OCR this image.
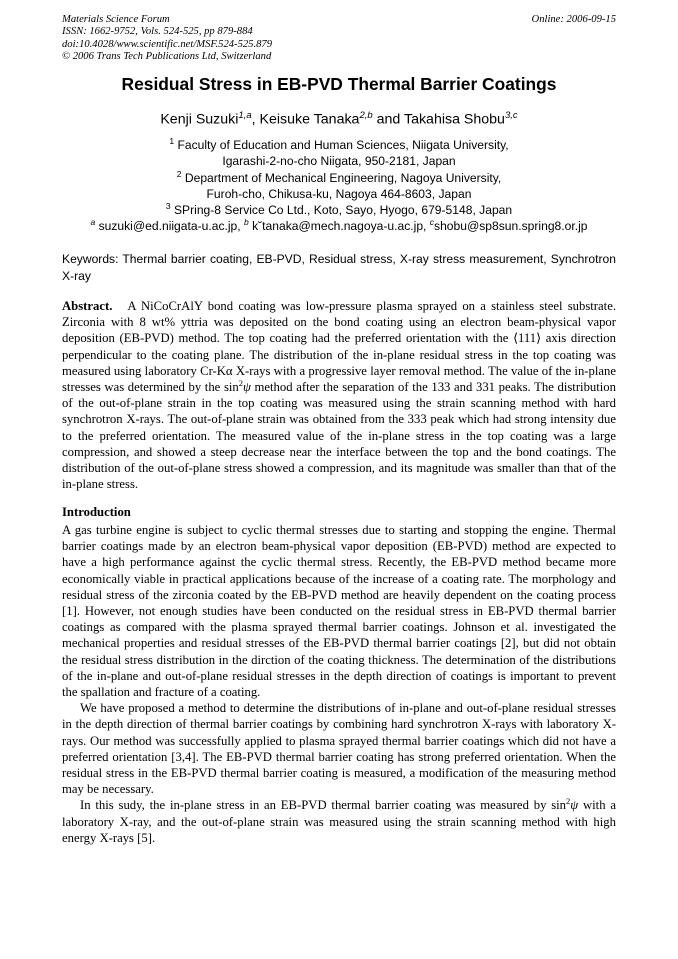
Materials Science Forum
ISSN: 1662-9752, Vols. 524-525, pp 879-884
doi:10.4028/www.scientific.net/MSF.524-525.879
© 2006 Trans Tech Publications Ltd, Switzerland
Online: 2006-09-15
Residual Stress in EB-PVD Thermal Barrier Coatings
Kenji Suzuki$^{1,a}$, Keisuke Tanaka$^{2,b}$ and Takahisa Shobu$^{3,c}$
$^1$ Faculty of Education and Human Sciences, Niigata University,
Igarashi-2-no-cho Niigata, 950-2181, Japan
$^2$ Department of Mechanical Engineering, Nagoya University,
Furoh-cho, Chikusa-ku, Nagoya 464-8603, Japan
$^3$ SPring-8 Service Co Ltd., Koto, Sayo, Hyogo, 679-5148, Japan
$^a$ suzuki@ed.niigata-u.ac.jp, $^b$ k˘tanaka@mech.nagoya-u.ac.jp, $^c$shobu@sp8sun.spring8.or.jp
Keywords: Thermal barrier coating, EB-PVD, Residual stress, X-ray stress measurement, Synchrotron X-ray
Abstract. A NiCoCrAlY bond coating was low-pressure plasma sprayed on a stainless steel substrate. Zirconia with 8 wt% yttria was deposited on the bond coating using an electron beam-physical vapor deposition (EB-PVD) method. The top coating had the preferred orientation with the ⟨111⟩ axis direction perpendicular to the coating plane. The distribution of the in-plane residual stress in the top coating was measured using laboratory Cr-Kα X-rays with a progressive layer removal method. The value of the in-plane stresses was determined by the $\sin^2\psi$ method after the separation of the 133 and 331 peaks. The distribution of the out-of-plane strain in the top coating was measured using the strain scanning method with hard synchrotron X-rays. The out-of-plane strain was obtained from the 333 peak which had strong intensity due to the preferred orientation. The measured value of the in-plane stress in the top coating was a large compression, and showed a steep decrease near the interface between the top and the bond coatings. The distribution of the out-of-plane stress showed a compression, and its magnitude was smaller than that of the in-plane stress.
Introduction

A gas turbine engine is subject to cyclic thermal stresses due to starting and stopping the engine. Thermal barrier coatings made by an electron beam-physical vapor deposition (EB-PVD) method are expected to have a high performance against the cyclic thermal stress. Recently, the EB-PVD method became more economically viable in practical applications because of the increase of a coating rate. The morphology and residual stress of the zirconia coated by the EB-PVD method are heavily dependent on the coating process [1]. However, not enough studies have been conducted on the residual stress in EB-PVD thermal barrier coatings as compared with the plasma sprayed thermal barrier coatings. Johnson et al. investigated the mechanical properties and residual stresses of the EB-PVD thermal barrier coatings [2], but did not obtain the residual stress distribution in the dirction of the coating thickness. The determination of the distributions of the in-plane and out-of-plane residual stresses in the depth direction of coatings is important to prevent the spallation and fracture of a coating.

We have proposed a method to determine the distributions of in-plane and out-of-plane residual stresses in the depth direction of thermal barrier coatings by combining hard synchrotron X-rays with laboratory X-rays. Our method was successfully applied to plasma sprayed thermal barrier coatings which did not have a preferred orientation [3,4]. The EB-PVD thermal barrier coating has strong preferred orientation. When the residual stress in the EB-PVD thermal barrier coating is measured, a modification of the measuring method may be necessary.

In this sudy, the in-plane stress in an EB-PVD thermal barrier coating was measured by $\sin^2\psi$ with a laboratory X-ray, and the out-of-plane strain was measured using the strain scanning method with high energy X-rays [5].
